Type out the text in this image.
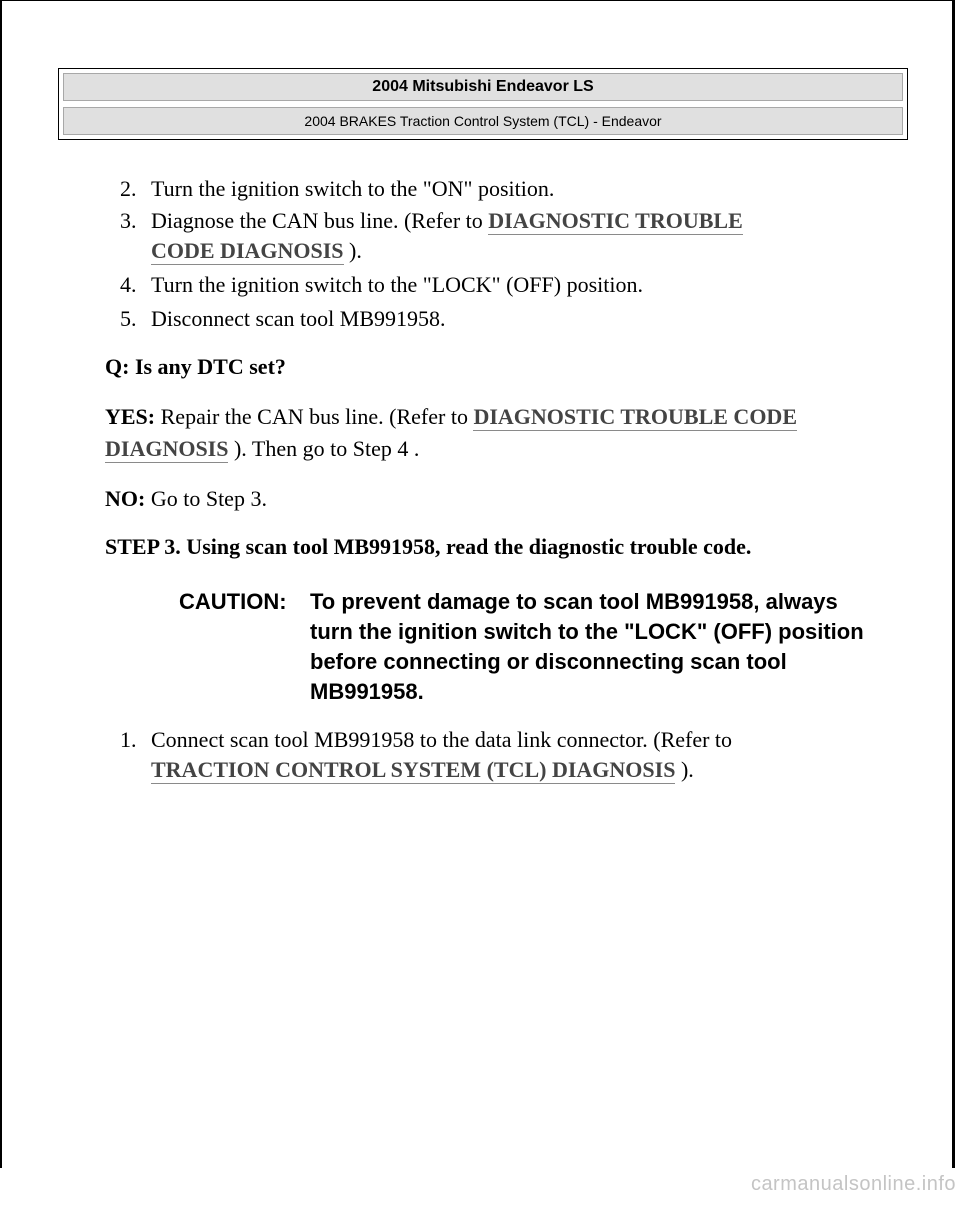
2004 Mitsubishi Endeavor LS
2004 BRAKES Traction Control System (TCL) - Endeavor
2. Turn the ignition switch to the "ON" position.
3. Diagnose the CAN bus line. (Refer to DIAGNOSTIC TROUBLE
CODE DIAGNOSIS ).
4. Turn the ignition switch to the "LOCK" (OFF) position.
5. Disconnect scan tool MB991958.
Q: Is any DTC set?
YES: Repair the CAN bus line. (Refer to DIAGNOSTIC TROUBLE CODE
DIAGNOSIS ). Then go to Step 4 .
NO: Go to Step 3.
STEP 3. Using scan tool MB991958, read the diagnostic trouble code.
CAUTION: To prevent damage to scan tool MB991958, always turn the ignition switch to the "LOCK" (OFF) position before connecting or disconnecting scan tool MB991958.
1. Connect scan tool MB991958 to the data link connector. (Refer to
TRACTION CONTROL SYSTEM (TCL) DIAGNOSIS ).
carmanualsonline.info
